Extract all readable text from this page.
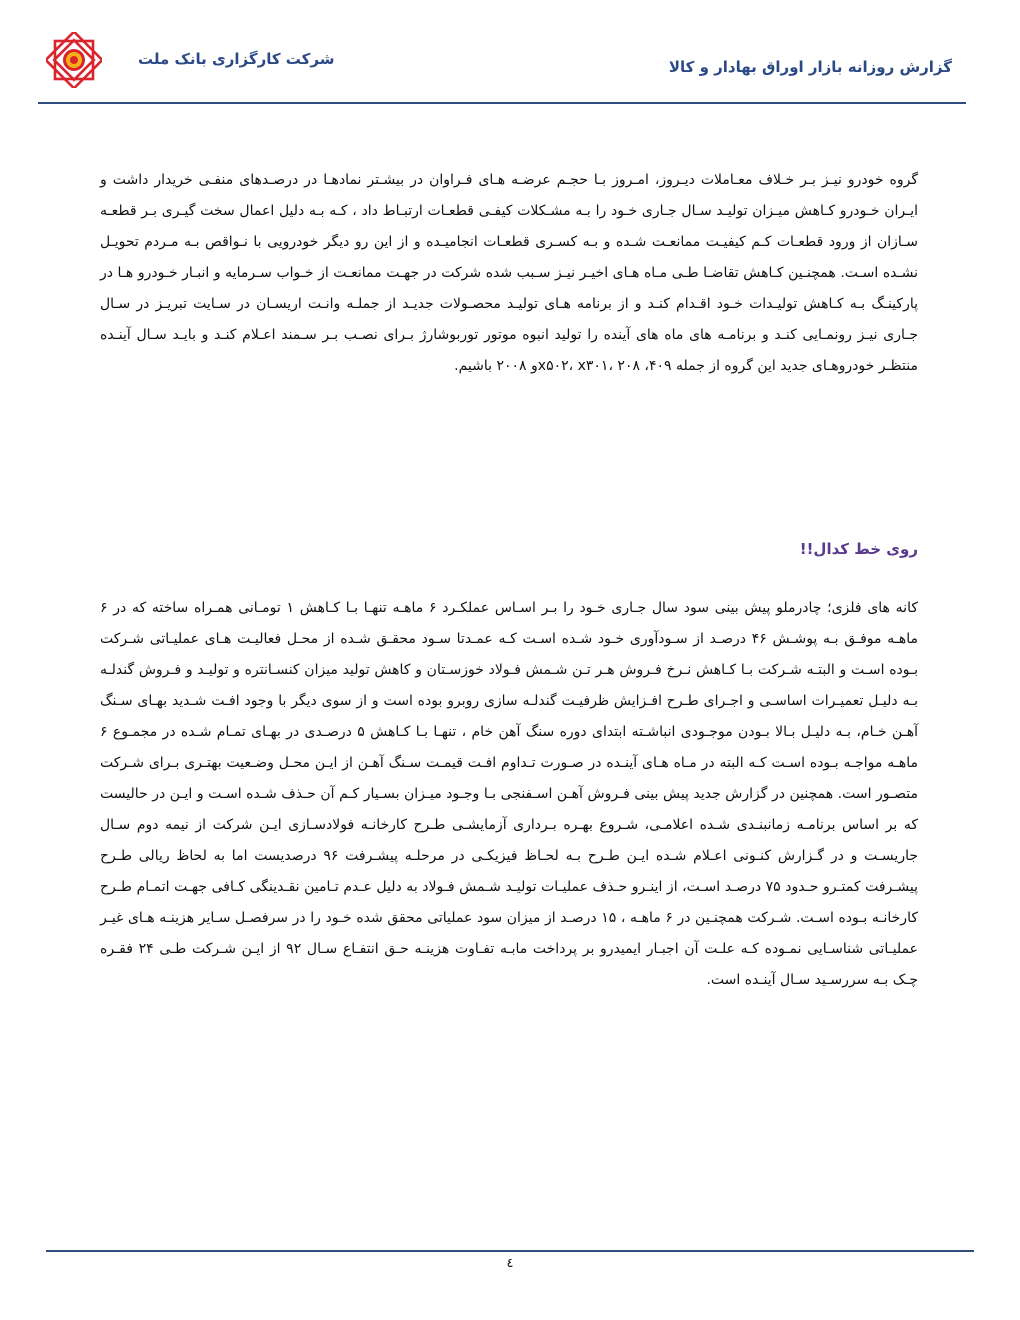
شرکت کارگزاری بانک ملت	گزارش روزانه بازار اوراق بهادار و کالا
گروه خودرو نیـز بـر خـلاف معـاملات دیـروز، امـروز بـا حجـم عرضـه هـای فـراوان در بیشـتر نمادهـا در درصـدهای منفـی خریدار داشت و ایـران خـودرو کـاهش میـزان تولیـد سـال جـاری خـود را بـه مشـکلات کیفـی قطعـات ارتبـاط داد ، کـه بـه دلیل اعمال سخت گیـری بـر قطعـه سـازان از ورود قطعـات کـم کیفیـت ممانعـت شـده و بـه کسـری قطعـات انجامیـده و از این رو دیگر خودرویی با نـواقص بـه مـردم تحویـل نشـده اسـت. همچنـین کـاهش تقاضـا طـی مـاه هـای اخیـر نیـز سـبب شده شرکت در جهـت ممانعـت از خـواب سـرمایه و انبـار خـودرو هـا در پارکینـگ بـه کـاهش تولیـدات خـود اقـدام کنـد و از برنامه هـای تولیـد محصـولات جدیـد از جملـه وانـت اریسـان در سـایت تبریـز در سـال جـاری نیـز رونمـایی کنـد و برنامـه های ماه های آینده را تولید انبوه موتور توربوشارژ بـرای نصـب بـر سـمند اعـلام کنـد و بایـد سـال آینـده منتظـر خودروهـای جدید این گروه از جمله ۴۰۹، x۵۰۲، x۳۰۱، ۲۰۸و ۲۰۰۸ باشیم.
روی خط کدال!!
کانه های فلزی؛ چادرملو پیش بینی سود سال جـاری خـود را بـر اسـاس عملکـرد ۶ ماهـه تنهـا بـا کـاهش ۱ تومـانی همـراه ساخته که در ۶ ماهـه موفـق بـه پوشـش ۴۶ درصـد از سـودآوری خـود شـده اسـت کـه عمـدتا سـود محقـق شـده از محـل فعالیـت هـای عملیـاتی شـرکت بـوده اسـت و البتـه شـرکت بـا کـاهش نـرخ فـروش هـر تـن شـمش فـولاد خوزسـتان و کاهش تولید میزان کنسـانتره و تولیـد و فـروش گندلـه بـه دلیـل تعمیـرات اساسـی و اجـرای طـرح افـزایش ظرفیـت گندلـه سازی روبرو بوده است و از سوی دیگر با وجود افـت شـدید بهـای سـنگ آهـن خـام، بـه دلیـل بـالا بـودن موجـودی انباشـته ابتدای دوره سنگ آهن خام ، تنهـا بـا کـاهش ۵ درصـدی در بهـای تمـام شـده در مجمـوع ۶ ماهـه مواجـه بـوده اسـت کـه البته در مـاه هـای آینـده در صـورت تـداوم افـت قیمـت سـنگ آهـن از ایـن محـل وضـعیت بهتـری بـرای شـرکت متصـور است. همچنین در گزارش جدید پیش بینی فـروش آهـن اسـفنجی بـا وجـود میـزان بسـیار کـم آن حـذف شـده اسـت و ایـن در حالیست که بر اساس برنامـه زمانبنـدی شـده اعلامـی، شـروع بهـره بـرداری آزمایشـی طـرح کارخانـه فولادسـازی ایـن شرکت از نیمه دوم سـال جاریسـت و در گـزارش کنـونی اعـلام شـده ایـن طـرح بـه لحـاظ فیزیکـی در مرحلـه پیشـرفت ۹۶ درصدیست اما به لحاظ ریالی طـرح پیشـرفت کمتـرو حـدود ۷۵ درصـد اسـت، از اینـرو حـذف عملیـات تولیـد شـمش فـولاد به دلیل عـدم تـامین نقـدینگی کـافی جهـت اتمـام طـرح کارخانـه بـوده اسـت. شـرکت همچنـین در ۶ ماهـه ، ۱۵ درصـد از میزان سود عملیاتی محقق شده خـود را در سرفصـل سـایر هزینـه هـای غیـر عملیـاتی شناسـایی نمـوده کـه علـت آن اجبـار ایمیدرو بر پرداخت مابـه تفـاوت هزینـه حـق انتفـاع سـال ۹۲ از ایـن شـرکت طـی ۲۴ فقـره چـک بـه سررسـید سـال آینـده است.
٤
